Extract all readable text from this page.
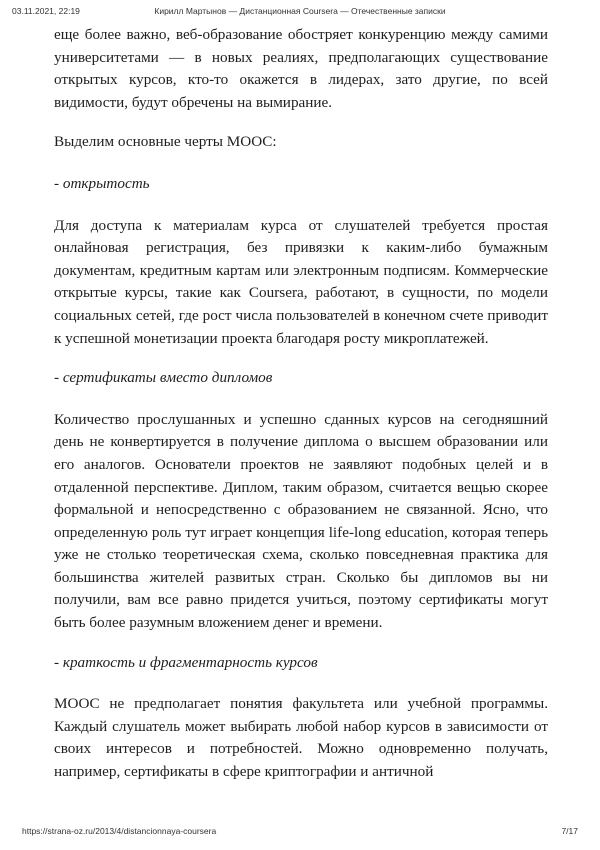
03.11.2021, 22:19	Кирилл Мартынов — Дистанционная Coursera — Отечественные записки

еще более важно, веб-образование обостряет конкуренцию между самими университетами — в новых реалиях, предполагающих существование открытых курсов, кто-то окажется в лидерах, зато другие, по всей видимости, будут обречены на вымирание.

Выделим основные черты MOOC:

- открытость

Для доступа к материалам курса от слушателей требуется простая онлайновая регистрация, без привязки к каким-либо бумажным документам, кредитным картам или электронным подписям. Коммерческие открытые курсы, такие как Coursera, работают, в сущности, по модели социальных сетей, где рост числа пользователей в конечном счете приводит к успешной монетизации проекта благодаря росту микроплатежей.

- сертификаты вместо дипломов

Количество прослушанных и успешно сданных курсов на сегодняшний день не конвертируется в получение диплома о высшем образовании или его аналогов. Основатели проектов не заявляют подобных целей и в отдаленной перспективе. Диплом, таким образом, считается вещью скорее формальной и непосредственно с образованием не связанной. Ясно, что определенную роль тут играет концепция life-long education, которая теперь уже не столько теоретическая схема, сколько повседневная практика для большинства жителей развитых стран. Сколько бы дипломов вы ни получили, вам все равно придется учиться, поэтому сертификаты могут быть более разумным вложением денег и времени.

- краткость и фрагментарность курсов

MOOC не предполагает понятия факультета или учебной программы. Каждый слушатель может выбирать любой набор курсов в зависимости от своих интересов и потребностей. Можно одновременно получать, например, сертификаты в сфере криптографии и античной

https://strana-oz.ru/2013/4/distancionnaya-coursera	7/17
